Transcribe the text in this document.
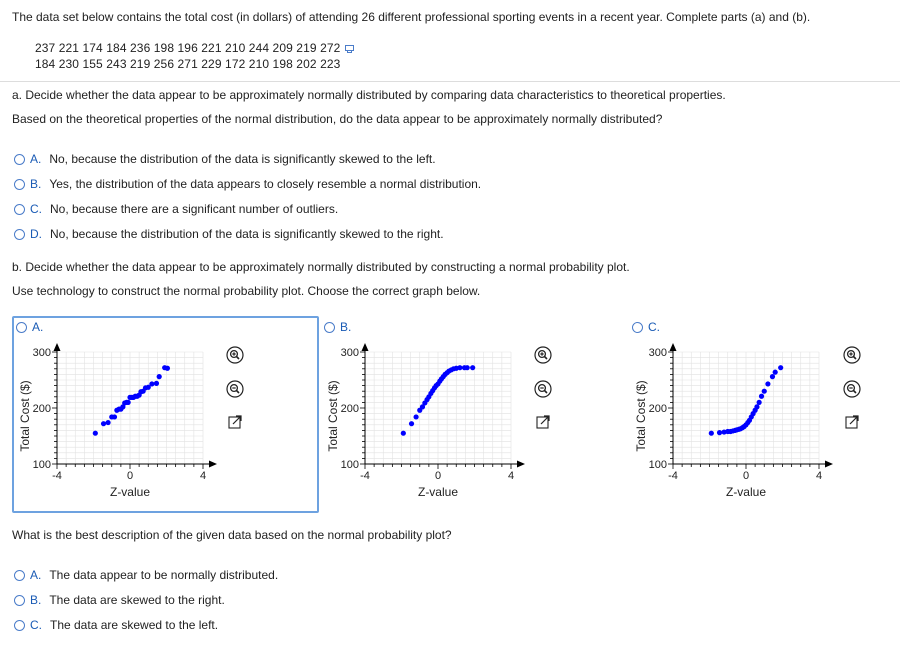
The data set below contains the total cost (in dollars) of attending 26 different professional sporting events in a recent year. Complete parts (a) and (b).
237 221 174 184 236 198 196 221 210 244 209 219 272
184 230 155 243 219 256 271 229 172 210 198 202 223
a. Decide whether the data appear to be approximately normally distributed by comparing data characteristics to theoretical properties.
Based on the theoretical properties of the normal distribution, do the data appear to be approximately normally distributed?
A. No, because the distribution of the data is significantly skewed to the left.
B. Yes, the distribution of the data appears to closely resemble a normal distribution.
C. No, because there are a significant number of outliers.
D. No, because the distribution of the data is significantly skewed to the right.
b. Decide whether the data appear to be approximately normally distributed by constructing a normal probability plot.
Use technology to construct the normal probability plot. Choose the correct graph below.
A.	B.	C.
100
200
300
-4	0	4
Z-value
Total Cost ($)
100
200
300
-4	0	4
Z-value
Total Cost ($)
100
200
300
-4	0	4
Z-value
Total Cost ($)
What is the best description of the given data based on the normal probability plot?
A. The data appear to be normally distributed.
B. The data are skewed to the right.
C. The data are skewed to the left.
